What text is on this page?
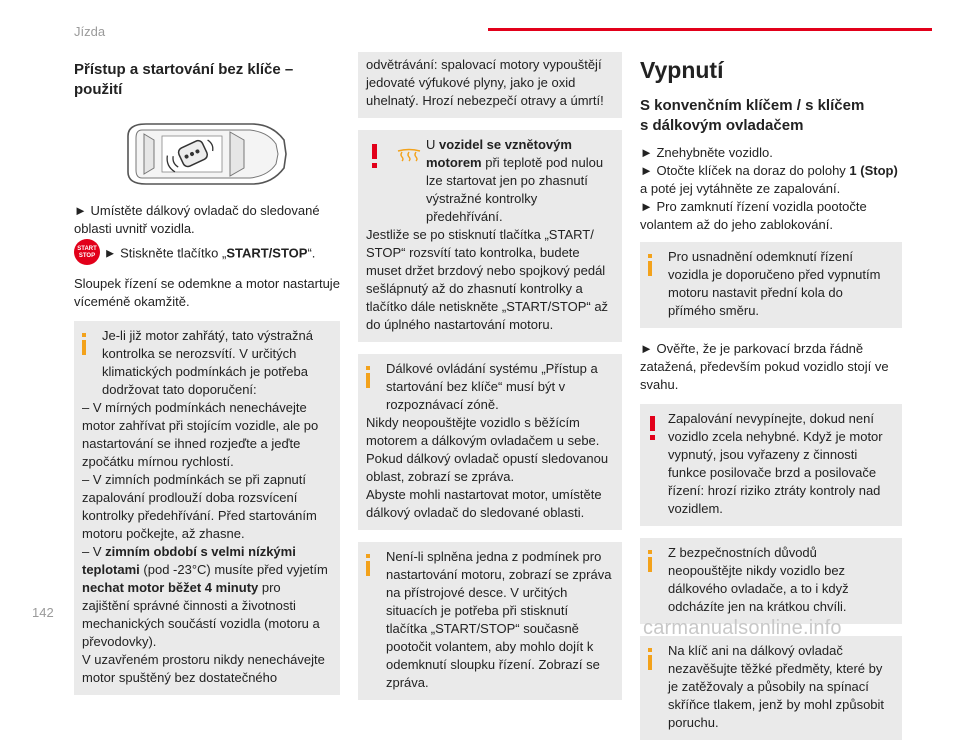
Jízda

Přístup a startování bez klíče – použití

► Umístěte dálkový ovladač do sledované oblasti uvnitř vozidla.

START
STOP ► Stiskněte tlačítko „START/STOP“.

Sloupek řízení se odemkne a motor nastartuje víceméně okamžitě.

Je-li již motor zahřátý, tato výstražná kontrolka se nerozsvítí. V určitých klimatických podmínkách je potřeba dodržovat tato doporučení:

– V mírných podmínkách nenechávejte motor zahřívat při stojícím vozidle, ale po nastartování se ihned rozjeďte a jeďte zpočátku mírnou rychlostí.

– V zimních podmínkách se při zapnutí zapalování prodlouží doba rozsvícení kontrolky předehřívání. Před startováním motoru počkejte, až zhasne.

– V zimním období s velmi nízkými teplotami (pod -23°C) musíte před vyjetím nechat motor běžet 4 minuty pro zajištění správné činnosti a životnosti mechanických součástí vozidla (motoru a převodovky).

V uzavřeném prostoru nikdy nenechávejte motor spuštěný bez dostatečného

odvětrávání: spalovací motory vypouštějí jedovaté výfukové plyny, jako je oxid uhelnatý. Hrozí nebezpečí otravy a úmrtí!

U vozidel se vznětovým motorem při teplotě pod nulou lze startovat jen po zhasnutí výstražné kontrolky předehřívání.

Jestliže se po stisknutí tlačítka „START/ STOP“ rozsvítí tato kontrolka, budete muset držet brzdový nebo spojkový pedál sešlápnutý až do zhasnutí kontrolky a tlačítko dále netiskněte „START/STOP“ až do úplného nastartování motoru.

Dálkové ovládání systému „Přístup a startování bez klíče“ musí být v rozpoznávací zóně.

Nikdy neopouštějte vozidlo s běžícím motorem a dálkovým ovladačem u sebe.

Pokud dálkový ovladač opustí sledovanou oblast, zobrazí se zpráva.

Abyste mohli nastartovat motor, umístěte dálkový ovladač do sledované oblasti.

Není-li splněna jedna z podmínek pro nastartování motoru, zobrazí se zpráva na přístrojové desce. V určitých situacích je potřeba při stisknutí tlačítka „START/STOP“ současně pootočit volantem, aby mohlo dojít k odemknutí sloupku řízení. Zobrazí se zpráva.

Vypnutí

S konvenčním klíčem / s klíčem s dálkovým ovladačem

► Znehybněte vozidlo.

► Otočte klíček na doraz do polohy 1 (Stop) a poté jej vytáhněte ze zapalování.

► Pro zamknutí řízení vozidla pootočte volantem až do jeho zablokování.

Pro usnadnění odemknutí řízení vozidla je doporučeno před vypnutím motoru nastavit přední kola do přímého směru.

► Ověřte, že je parkovací brzda řádně zatažená, především pokud vozidlo stojí ve svahu.

Zapalování nevypínejte, dokud není vozidlo zcela nehybné. Když je motor vypnutý, jsou vyřazeny z činnosti funkce posilovače brzd a posilovače řízení: hrozí riziko ztráty kontroly nad vozidlem.

Z bezpečnostních důvodů neopouštějte nikdy vozidlo bez dálkového ovladače, a to i když odcházíte jen na krátkou chvíli.

Na klíč ani na dálkový ovladač nezavěšujte těžké předměty, které by je zatěžovaly a působily na spínací skříňce tlakem, jenž by mohl způsobit poruchu.

142
carmanualsonline.info
